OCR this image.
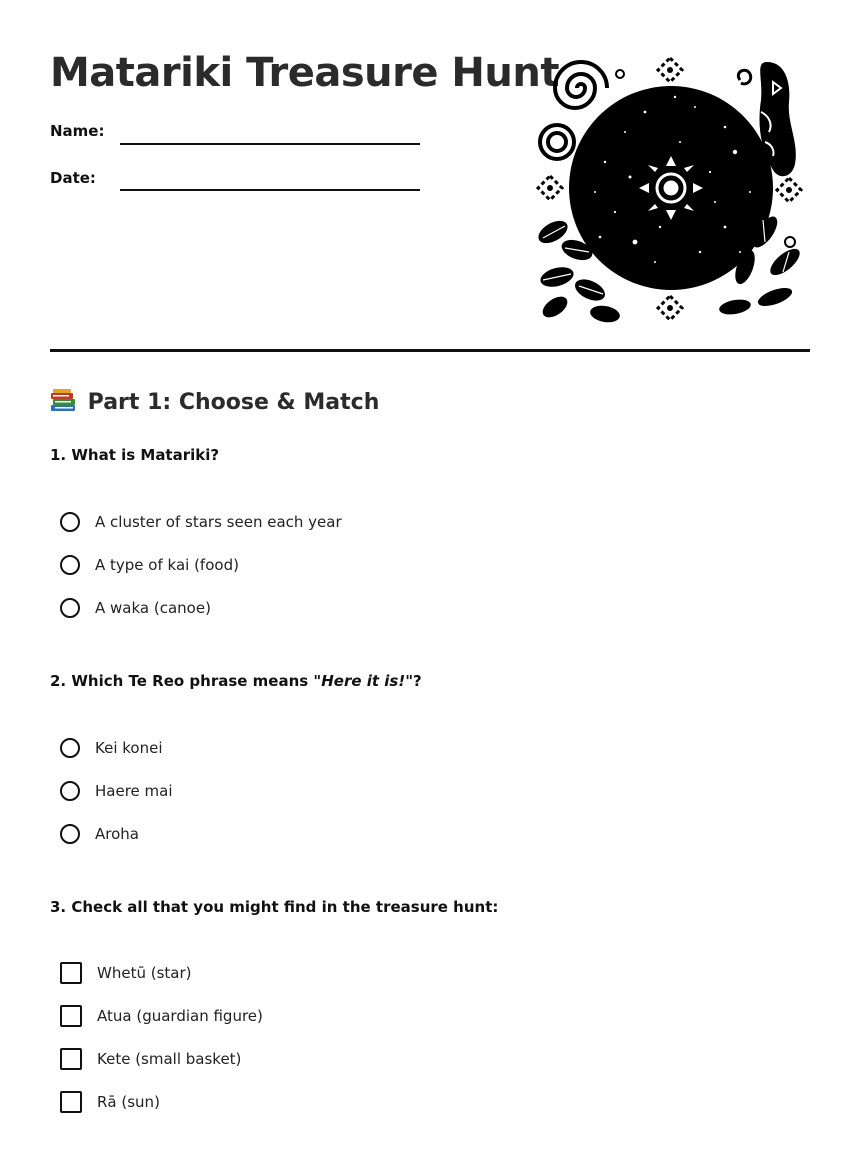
Matariki Treasure Hunt
Name:
Date:
Part 1: Choose & Match
1. What is Matariki?
A cluster of stars seen each year
A type of kai (food)
A waka (canoe)
2. Which Te Reo phrase means "Here it is!"?
Kei konei
Haere mai
Aroha
3. Check all that you might find in the treasure hunt:
Whetū (star)
Atua (guardian figure)
Kete (small basket)
Rā (sun)
